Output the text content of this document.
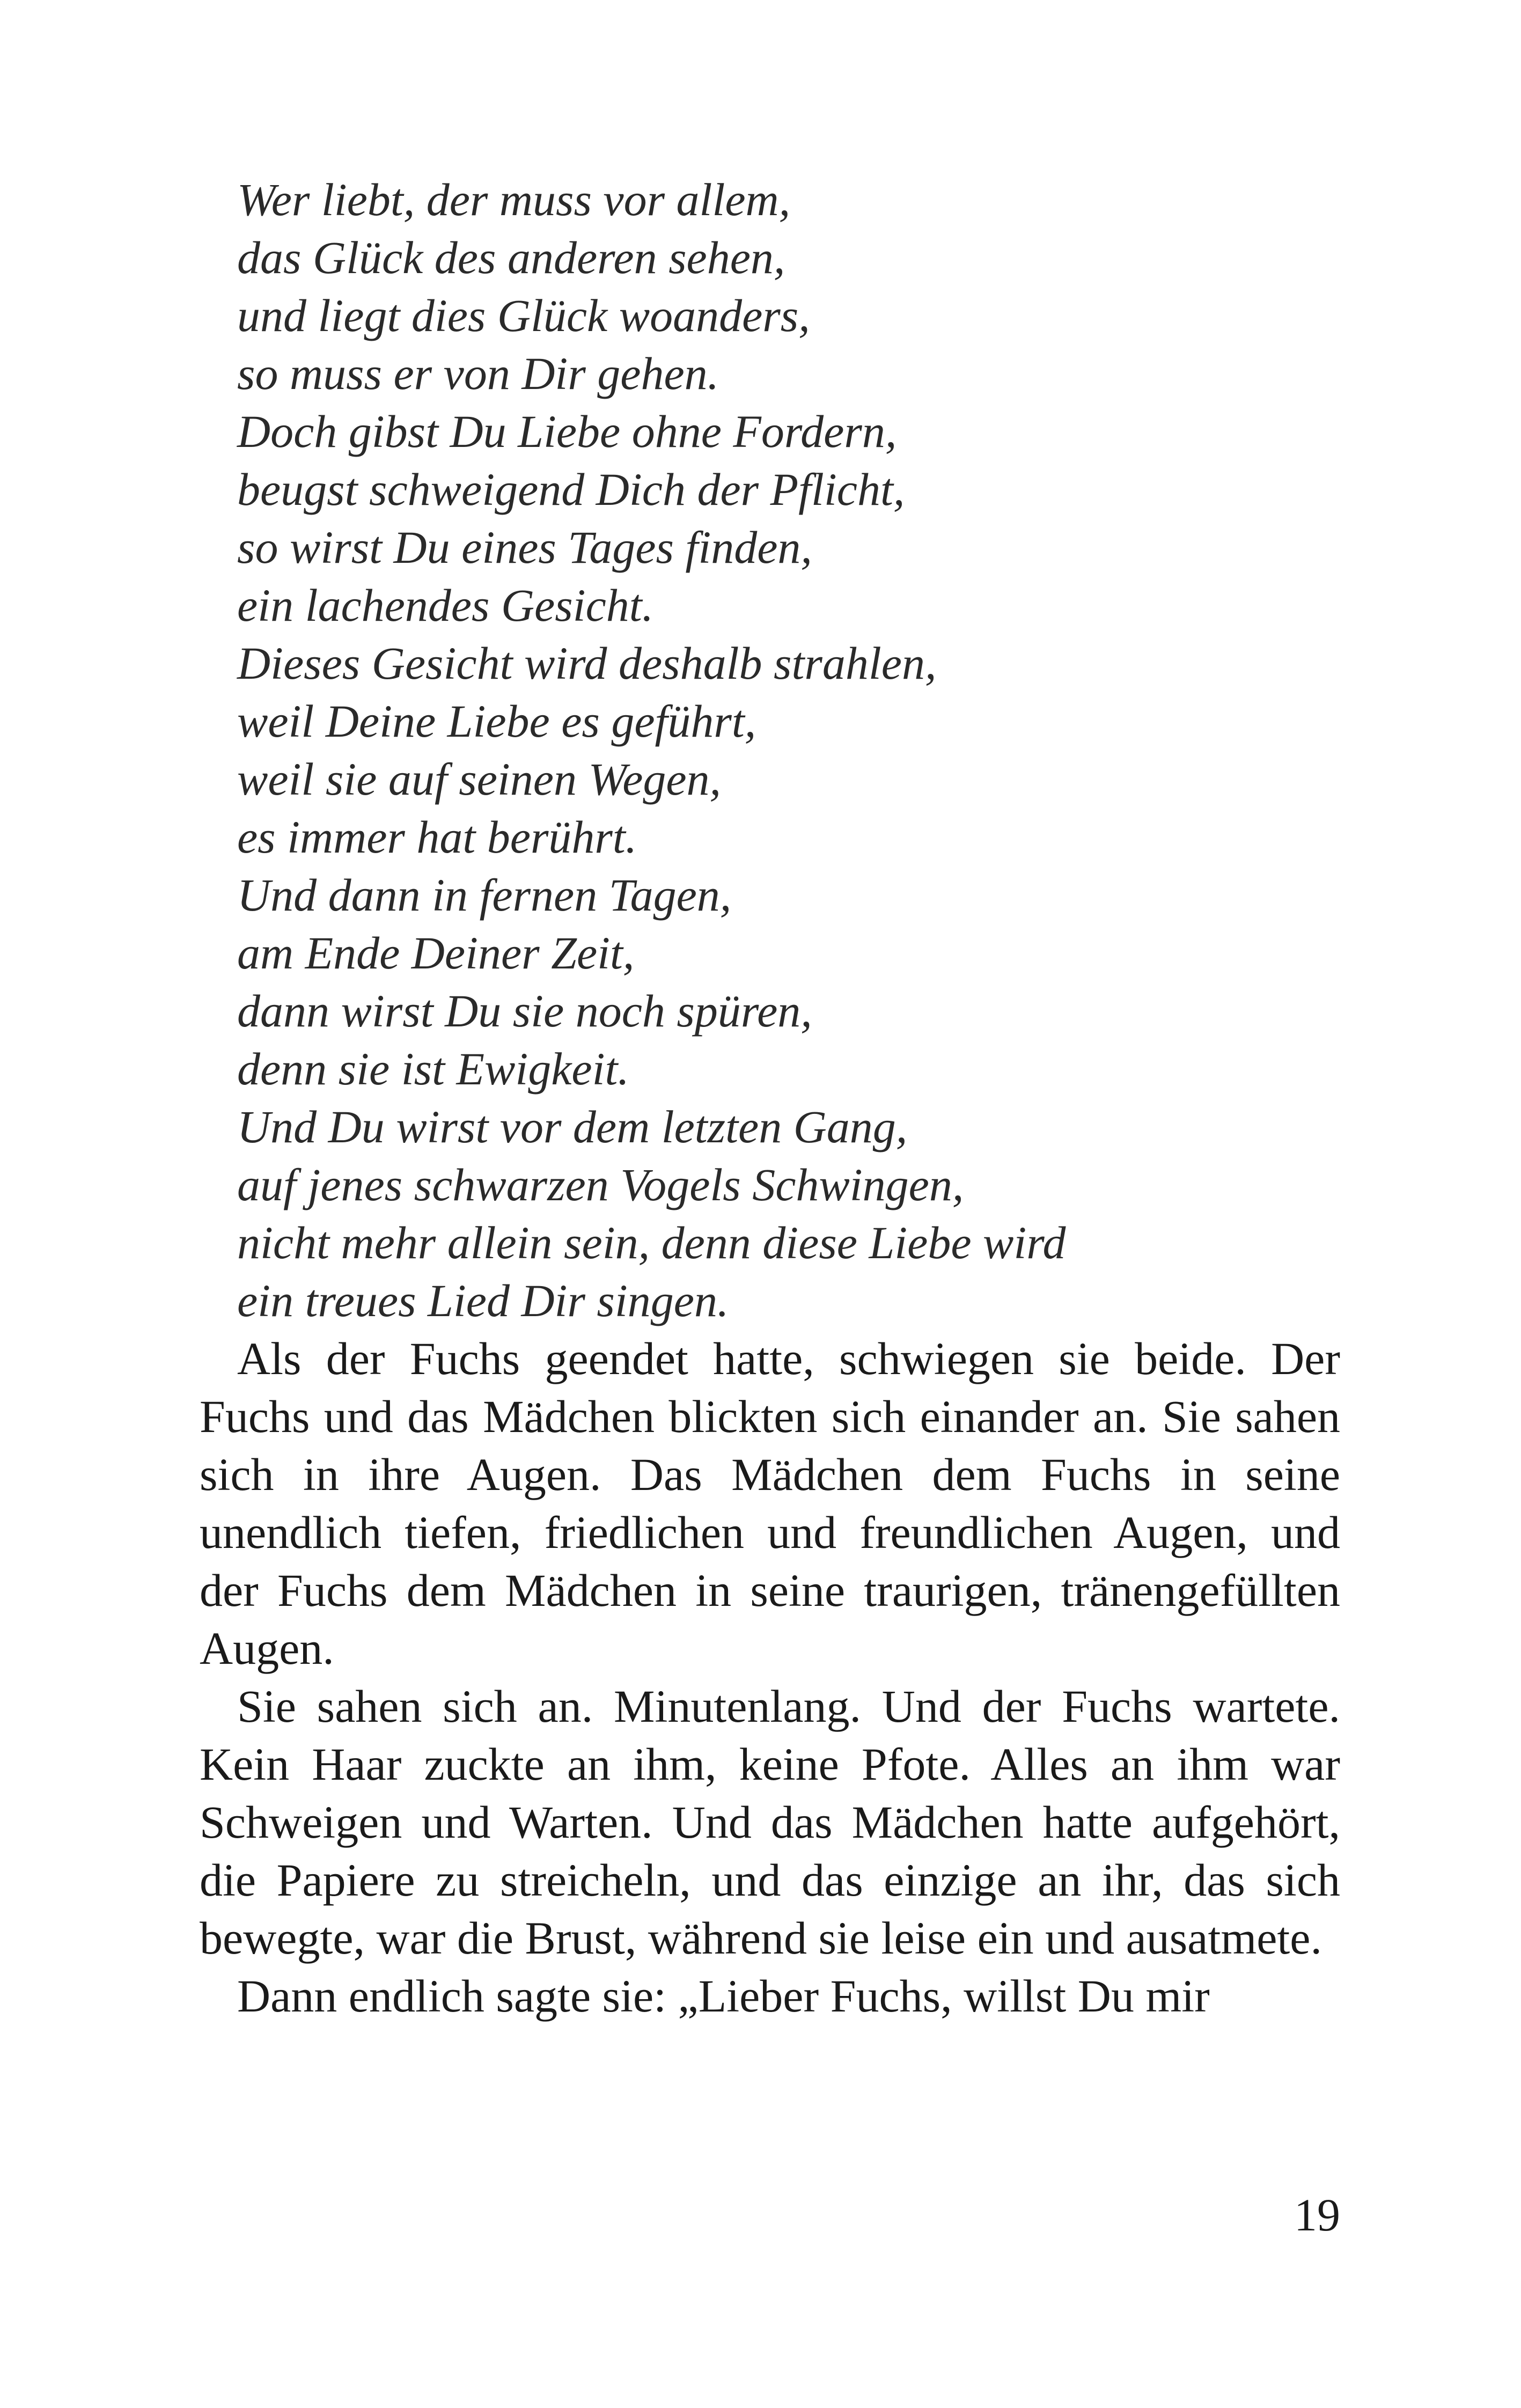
Wer liebt, der muss vor allem,
das Glück des anderen sehen,
und liegt dies Glück woanders,
so muss er von Dir gehen.
Doch gibst Du Liebe ohne Fordern,
beugst schweigend Dich der Pflicht,
so wirst Du eines Tages finden,
ein lachendes Gesicht.
Dieses Gesicht wird deshalb strahlen,
weil Deine Liebe es geführt,
weil sie auf seinen Wegen,
es immer hat berührt.
Und dann in fernen Tagen,
am Ende Deiner Zeit,
dann wirst Du sie noch spüren,
denn sie ist Ewigkeit.
Und Du wirst vor dem letzten Gang,
auf jenes schwarzen Vogels Schwingen,
nicht mehr allein sein, denn diese Liebe wird
ein treues Lied Dir singen.

Als der Fuchs geendet hatte, schwiegen sie beide. Der Fuchs und das Mädchen blickten sich einander an. Sie sahen sich in ihre Augen. Das Mädchen dem Fuchs in seine unendlich tiefen, friedlichen und freundlichen Augen, und der Fuchs dem Mädchen in seine traurigen, tränengefüllten Augen.

Sie sahen sich an. Minutenlang. Und der Fuchs wartete. Kein Haar zuckte an ihm, keine Pfote. Alles an ihm war Schweigen und Warten. Und das Mädchen hatte aufgehört, die Papiere zu streicheln, und das einzige an ihr, das sich bewegte, war die Brust, während sie leise ein und ausatmete.

Dann endlich sagte sie: „Lieber Fuchs, willst Du mir

19
